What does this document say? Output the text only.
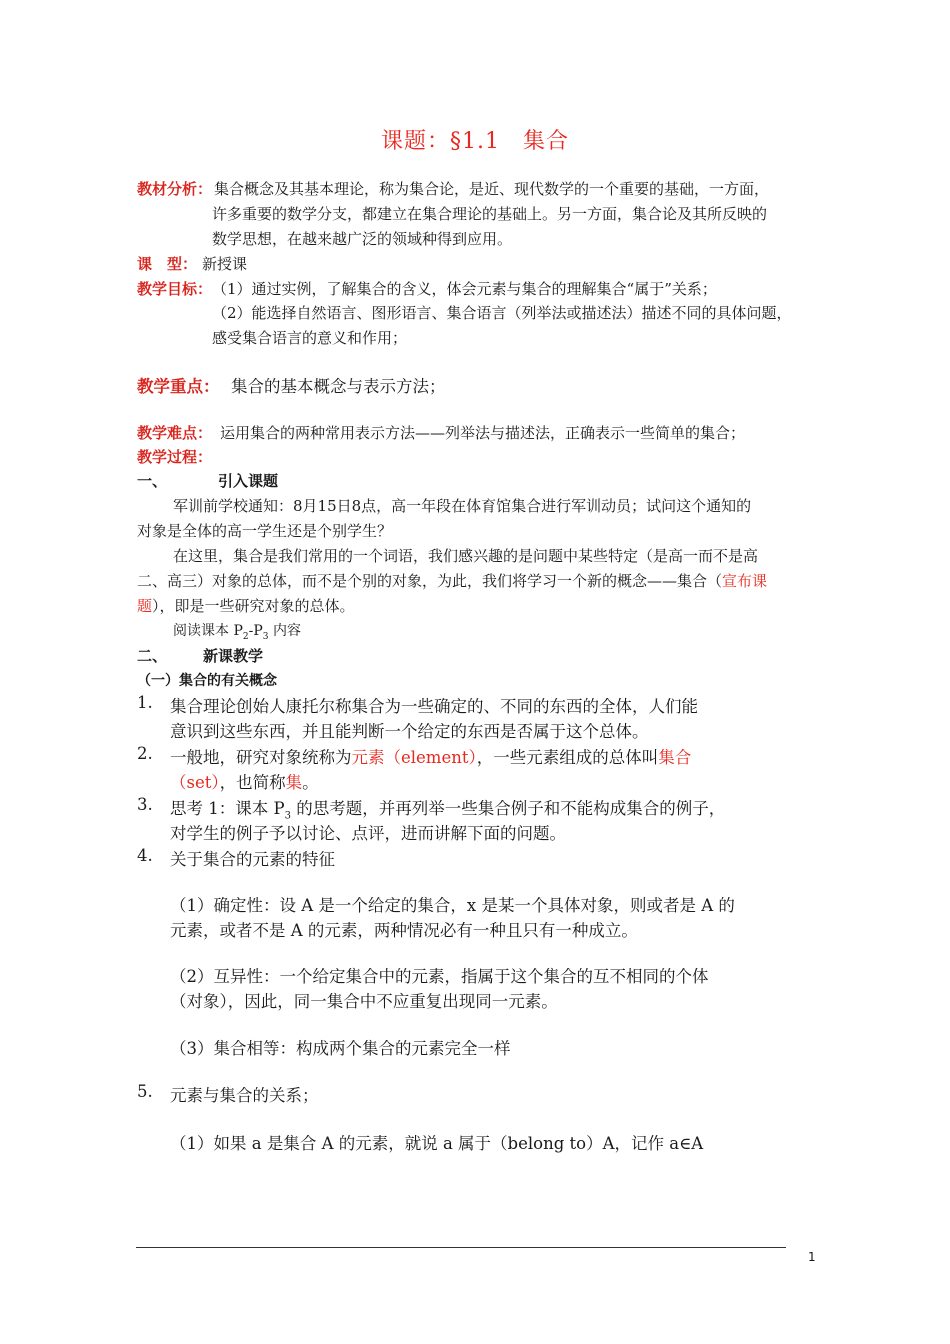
课题：§1.1　集合
教材分析： 集合概念及其基本理论，称为集合论，是近、现代数学的一个重要的基础，一方面，
许多重要的数学分支，都建立在集合理论的基础上。另一方面，集合论及其所反映的
数学思想，在越来越广泛的领域种得到应用。
课　型： 新授课
教学目标： （1）通过实例，了解集合的含义，体会元素与集合的理解集合“属于”关系；
（2）能选择自然语言、图形语言、集合语言（列举法或描述法）描述不同的具体问题，
感受集合语言的意义和作用；
教学重点： 集合的基本概念与表示方法；
教学难点： 运用集合的两种常用表示方法——列举法与描述法，正确表示一些简单的集合；
教学过程：
一、	引入课题
军训前学校通知：8月15日8点，高一年段在体育馆集合进行军训动员；试问这个通知的
对象是全体的高一学生还是个别学生？
在这里，集合是我们常用的一个词语，我们感兴趣的是问题中某些特定（是高一而不是高
二、高三）对象的总体，而不是个别的对象，为此，我们将学习一个新的概念——集合（宣布课
题），即是一些研究对象的总体。
阅读课本 $P_2-P_3$ 内容
二、 新课教学
（一）集合的有关概念
1. 集合理论创始人康托尔称集合为一些确定的、不同的东西的全体，人们能
意识到这些东西，并且能判断一个给定的东西是否属于这个总体。
2. 一般地，研究对象统称为元素（element），一些元素组成的总体叫集合
（set），也简称集。
3. 思考 1：课本 $P_3$ 的思考题，并再列举一些集合例子和不能构成集合的例子，
对学生的例子予以讨论、点评，进而讲解下面的问题。
4. 关于集合的元素的特征
（1）确定性：设 A 是一个给定的集合，x 是某一个具体对象，则或者是 A 的
元素，或者不是 A 的元素，两种情况必有一种且只有一种成立。
（2）互异性：一个给定集合中的元素，指属于这个集合的互不相同的个体
（对象），因此，同一集合中不应重复出现同一元素。
（3）集合相等：构成两个集合的元素完全一样
5. 元素与集合的关系；
（1）如果 a 是集合 A 的元素，就说 a 属于（belong to）A，记作 a∈A
1
